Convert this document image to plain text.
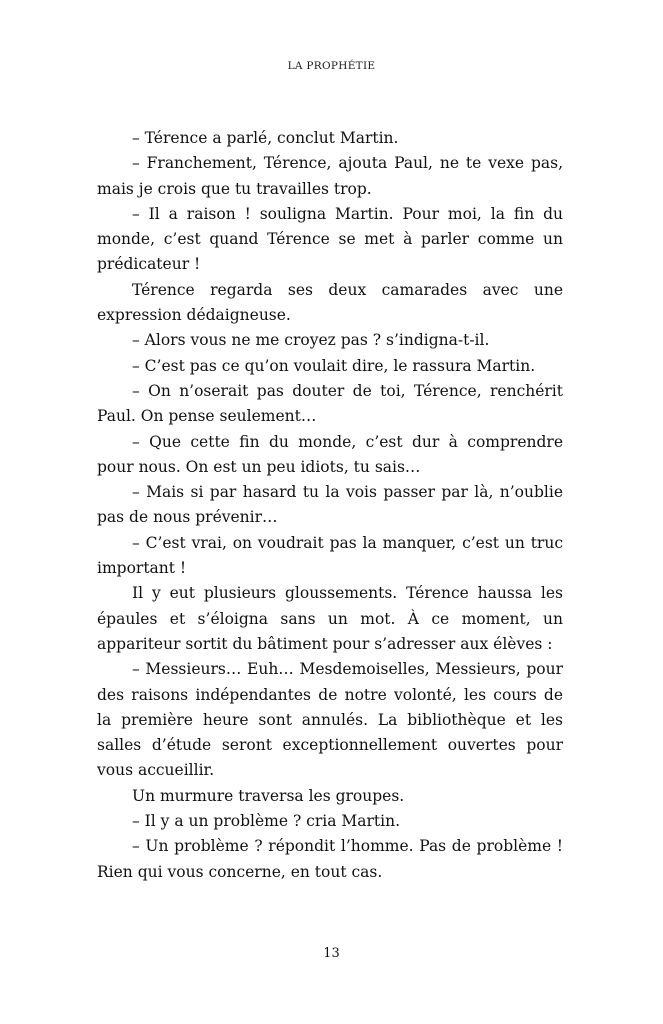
LA PROPHÉTIE

– Térence a parlé, conclut Martin.

– Franchement, Térence, ajouta Paul, ne te vexe pas, mais je crois que tu travailles trop.

– Il a raison ! souligna Martin. Pour moi, la fin du monde, c’est quand Térence se met à parler comme un prédicateur !

Térence regarda ses deux camarades avec une expression dédaigneuse.

– Alors vous ne me croyez pas ? s’indigna-t-il.

– C’est pas ce qu’on voulait dire, le rassura Martin.

– On n’oserait pas douter de toi, Térence, renchérit Paul. On pense seulement…

– Que cette fin du monde, c’est dur à comprendre pour nous. On est un peu idiots, tu sais…

– Mais si par hasard tu la vois passer par là, n’oublie pas de nous prévenir…

– C’est vrai, on voudrait pas la manquer, c’est un truc important !

Il y eut plusieurs gloussements. Térence haussa les épaules et s’éloigna sans un mot. À ce moment, un appariteur sortit du bâtiment pour s’adresser aux élèves :

– Messieurs… Euh… Mesdemoiselles, Messieurs, pour des raisons indépendantes de notre volonté, les cours de la première heure sont annulés. La bibliothèque et les salles d’étude seront exceptionnellement ouvertes pour vous accueillir.

Un murmure traversa les groupes.

– Il y a un problème ? cria Martin.

– Un problème ? répondit l’homme. Pas de problème ! Rien qui vous concerne, en tout cas.

13
